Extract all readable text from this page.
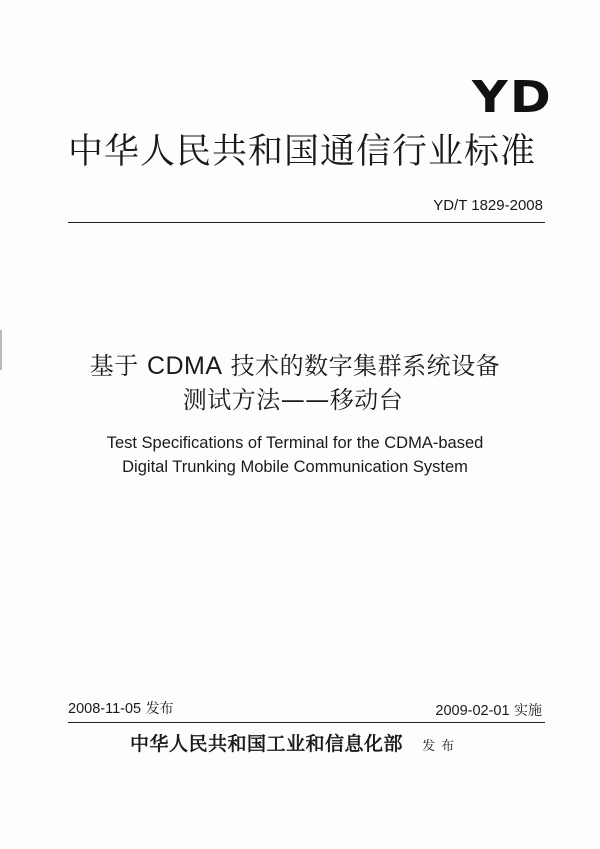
YD
中华人民共和国通信行业标准
YD/T 1829-2008
基于 CDMA 技术的数字集群系统设备
测试方法——移动台
Test Specifications of Terminal for the CDMA-based
Digital Trunking Mobile Communication System
2008-11-05 发布	2009-02-01 实施
中华人民共和国工业和信息化部 发布
